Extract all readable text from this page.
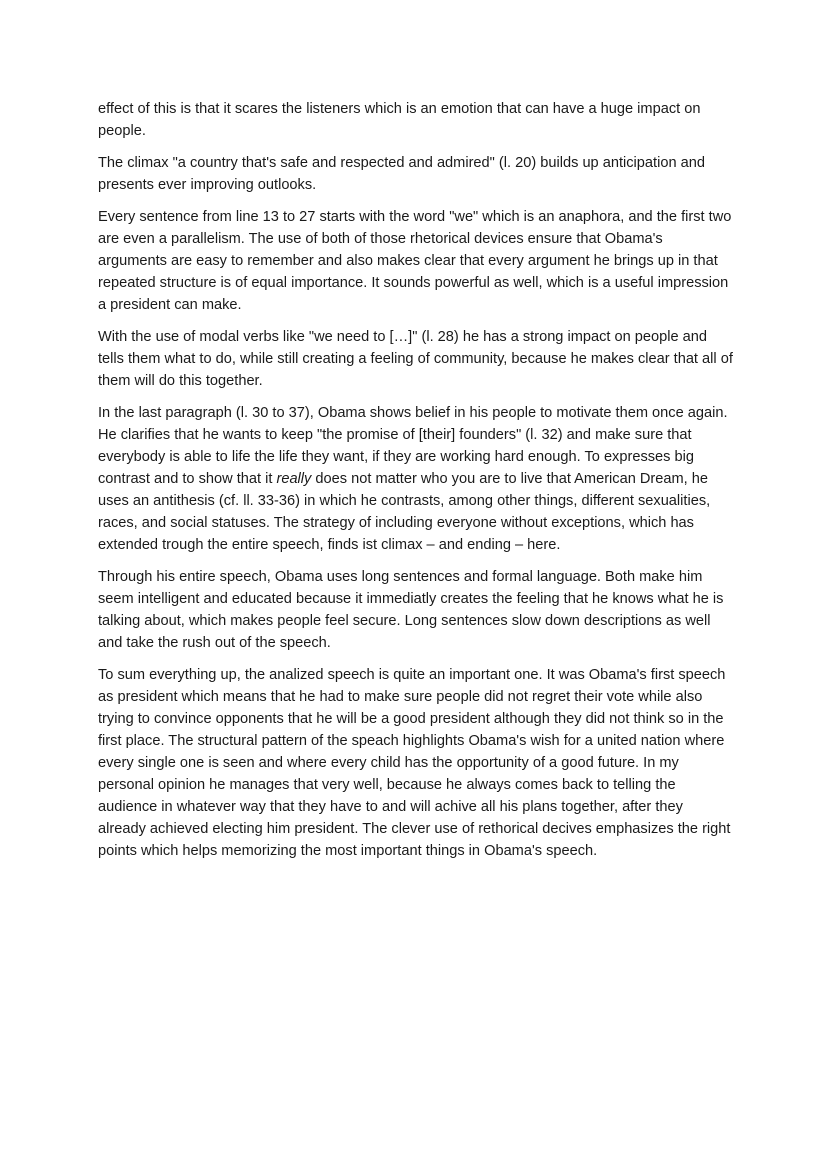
effect of this is that it scares the listeners which is an emotion that can have a huge impact on people.

The climax "a country that's safe and respected and admired" (l. 20) builds up anticipation and presents ever improving outlooks.

Every sentence from line 13 to 27 starts with the word "we" which is an anaphora, and the first two are even a parallelism. The use of both of those rhetorical devices ensure that Obama's arguments are easy to remember and also makes clear that every argument he brings up in that repeated structure is of equal importance. It sounds powerful as well, which is a useful impression a president can make.

With the use of modal verbs like "we need to […]" (l. 28) he has a strong impact on people and tells them what to do, while still creating a feeling of community, because he makes clear that all of them will do this together.

In the last paragraph (l. 30 to 37), Obama shows belief in his people to motivate them once again. He clarifies that he wants to keep "the promise of [their] founders" (l. 32) and make sure that everybody is able to life the life they want, if they are working hard enough. To expresses big contrast and to show that it really does not matter who you are to live that American Dream, he uses an antithesis (cf. ll. 33-36) in which he contrasts, among other things, different sexualities, races, and social statuses. The strategy of including everyone without exceptions, which has extended trough the entire speech, finds ist climax – and ending – here.

Through his entire speech, Obama uses long sentences and formal language. Both make him seem intelligent and educated because it immediatly creates the feeling that he knows what he is talking about, which makes people feel secure. Long sentences slow down descriptions as well and take the rush out of the speech.

To sum everything up, the analized speech is quite an important one. It was Obama's first speech as president which means that he had to make sure people did not regret their vote while also trying to convince opponents that he will be a good president although they did not think so in the first place. The structural pattern of the speach highlights Obama's wish for a united nation where every single one is seen and where every child has the opportunity of a good future. In my personal opinion he manages that very well, because he always comes back to telling the audience in whatever way that they have to and will achive all his plans together, after they already achieved electing him president. The clever use of rethorical decives emphasizes the right points which helps memorizing the most important things in Obama's speech.
